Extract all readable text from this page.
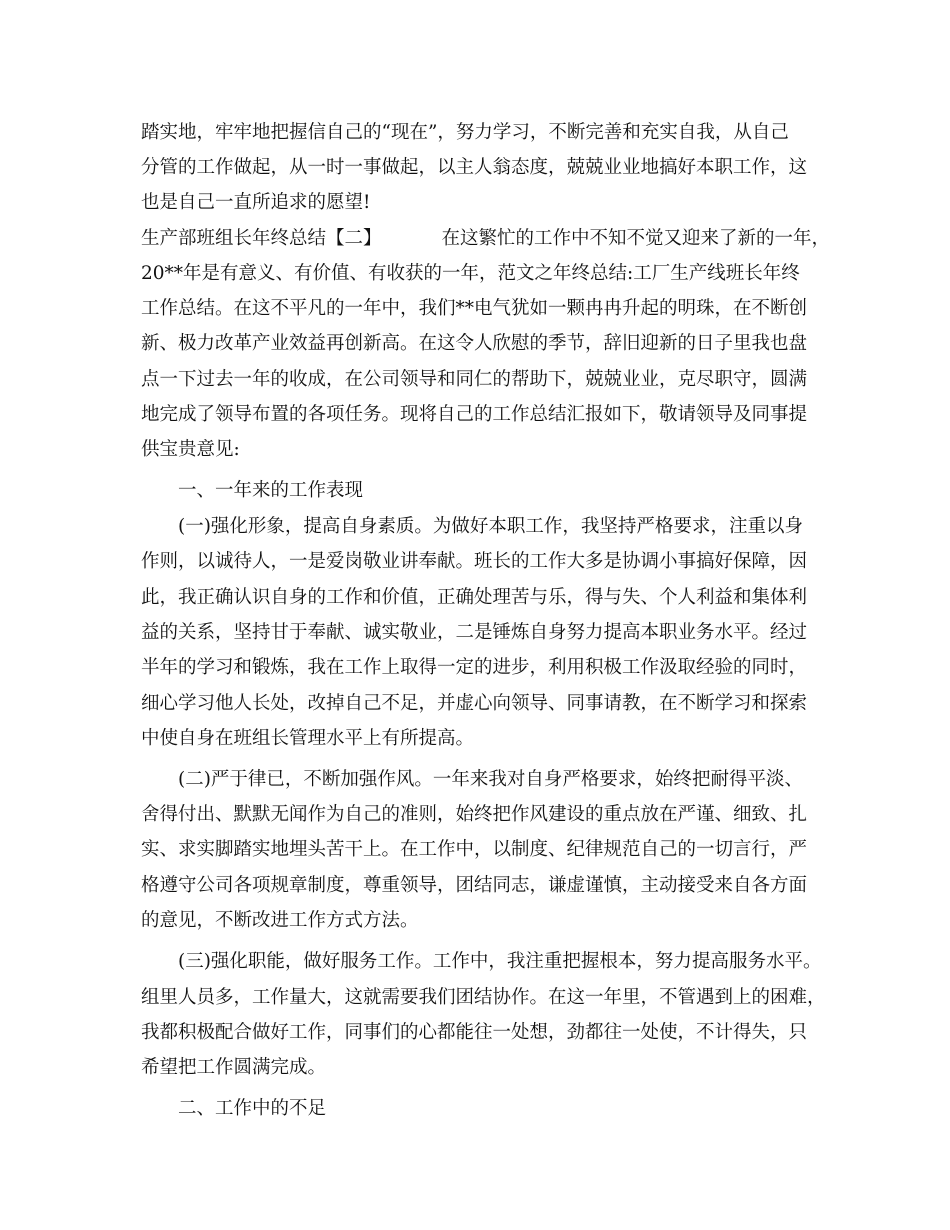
踏实地，牢牢地把握信自己的“现在”，努力学习，不断完善和充实自我，从自己
分管的工作做起，从一时一事做起，以主人翁态度，兢兢业业地搞好本职工作，这
也是自己一直所追求的愿望!
生产部班组长年终总结【二】	在这繁忙的工作中不知不觉又迎来了新的一年，
20**年是有意义、有价值、有收获的一年，范文之年终总结:工厂生产线班长年终
工作总结。在这不平凡的一年中，我们**电气犹如一颗冉冉升起的明珠，在不断创
新、极力改革产业效益再创新高。在这令人欣慰的季节，辞旧迎新的日子里我也盘
点一下过去一年的收成，在公司领导和同仁的帮助下，兢兢业业，克尽职守，圆满
地完成了领导布置的各项任务。现将自己的工作总结汇报如下，敬请领导及同事提
供宝贵意见:
一、一年来的工作表现
(一)强化形象，提高自身素质。为做好本职工作，我坚持严格要求，注重以身
作则，以诚待人，一是爱岗敬业讲奉献。班长的工作大多是协调小事搞好保障，因
此，我正确认识自身的工作和价值，正确处理苦与乐，得与失、个人利益和集体利
益的关系，坚持甘于奉献、诚实敬业，二是锤炼自身努力提高本职业务水平。经过
半年的学习和锻炼，我在工作上取得一定的进步，利用积极工作汲取经验的同时，
细心学习他人长处，改掉自己不足，并虚心向领导、同事请教，在不断学习和探索
中使自身在班组长管理水平上有所提高。
(二)严于律已，不断加强作风。一年来我对自身严格要求，始终把耐得平淡、
舍得付出、默默无闻作为自己的准则，始终把作风建设的重点放在严谨、细致、扎
实、求实脚踏实地埋头苦干上。在工作中，以制度、纪律规范自己的一切言行，严
格遵守公司各项规章制度，尊重领导，团结同志，谦虚谨慎，主动接受来自各方面
的意见，不断改进工作方式方法。
(三)强化职能，做好服务工作。工作中，我注重把握根本，努力提高服务水平。
组里人员多，工作量大，这就需要我们团结协作。在这一年里，不管遇到上的困难，
我都积极配合做好工作，同事们的心都能往一处想，劲都往一处使，不计得失，只
希望把工作圆满完成。
二、工作中的不足
